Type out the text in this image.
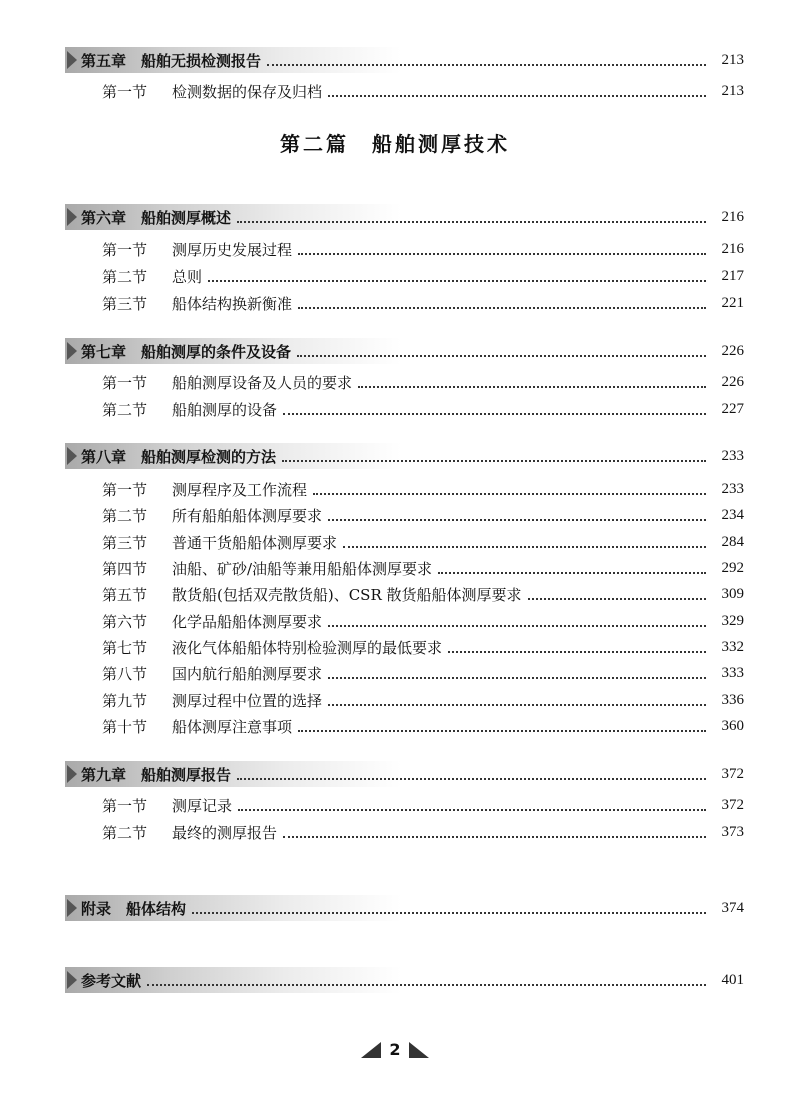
第五章　船舶无损检测报告	213
第一节	检测数据的保存及归档	213
第二篇　船舶测厚技术
第六章　船舶测厚概述	216
第一节	测厚历史发展过程	216
第二节	总则	217
第三节	船体结构换新衡准	221
第七章　船舶测厚的条件及设备	226
第一节	船舶测厚设备及人员的要求	226
第二节	船舶测厚的设备	227
第八章　船舶测厚检测的方法	233
第一节	测厚程序及工作流程	233
第二节	所有船舶船体测厚要求	234
第三节	普通干货船船体测厚要求	284
第四节	油船、矿砂/油船等兼用船船体测厚要求	292
第五节	散货船(包括双壳散货船)、CSR 散货船船体测厚要求	309
第六节	化学品船船体测厚要求	329
第七节	液化气体船船体特别检验测厚的最低要求	332
第八节	国内航行船舶测厚要求	333
第九节	测厚过程中位置的选择	336
第十节	船体测厚注意事项	360
第九章　船舶测厚报告	372
第一节	测厚记录	372
第二节	最终的测厚报告	373
附录　船体结构	374
参考文献	401
2
